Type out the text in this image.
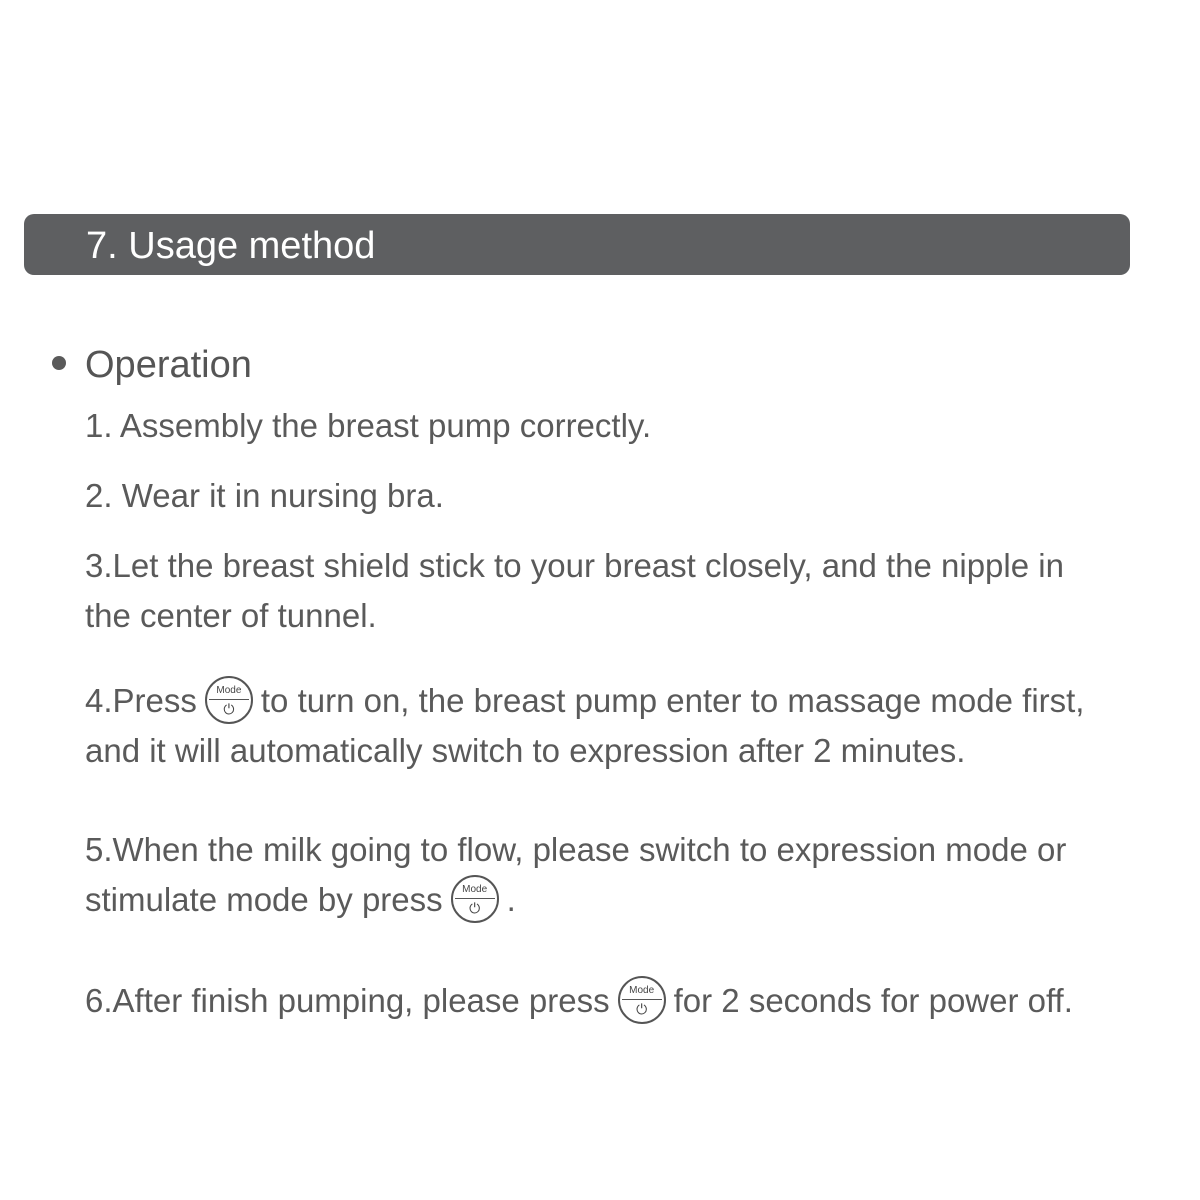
7. Usage method
Operation
1. Assembly the breast pump correctly.
2. Wear it in nursing bra.
3.Let the breast shield stick to your breast closely, and the nipple in
the center of tunnel.
4.Press	Mode
⏻ to turn on, the breast pump enter to massage mode first,
and it will automatically switch to expression after 2 minutes.
5.When the milk going to flow, please switch to expression mode or
stimulate mode by press	Mode
⏻ .
6.After finish pumping, please press	Mode
⏻ for 2 seconds for power off.
